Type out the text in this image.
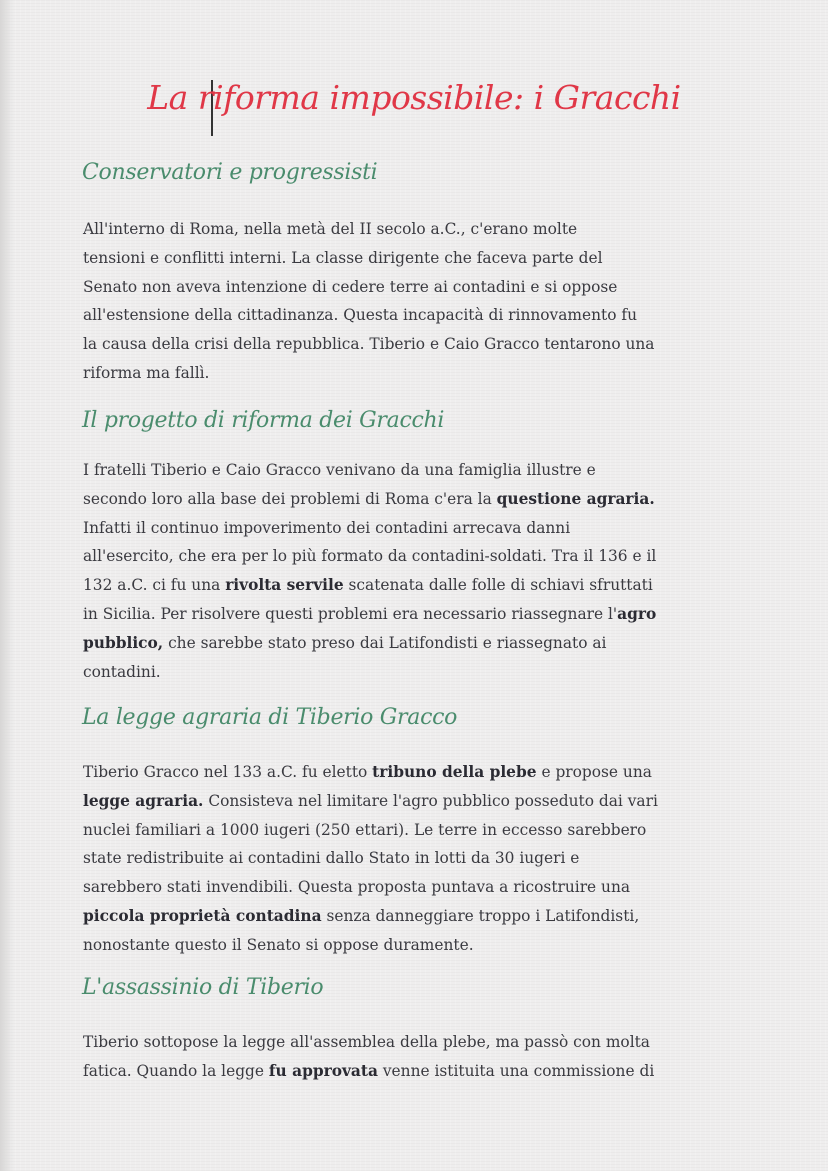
La riforma impossibile: i Gracchi
Conservatori e progressisti

All'interno di Roma, nella metà del II secolo a.C., c'erano molte
tensioni e conflitti interni. La classe dirigente che faceva parte del
Senato non aveva intenzione di cedere terre ai contadini e si oppose
all'estensione della cittadinanza. Questa incapacità di rinnovamento fu
la causa della crisi della repubblica. Tiberio e Caio Gracco tentarono una
riforma ma fallì.

Il progetto di riforma dei Gracchi

I fratelli Tiberio e Caio Gracco venivano da una famiglia illustre e
secondo loro alla base dei problemi di Roma c'era la questione agraria.
Infatti il continuo impoverimento dei contadini arrecava danni
all'esercito, che era per lo più formato da contadini-soldati. Tra il 136 e il
132 a.C. ci fu una rivolta servile scatenata dalle folle di schiavi sfruttati
in Sicilia. Per risolvere questi problemi era necessario riassegnare l'agro
pubblico, che sarebbe stato preso dai Latifondisti e riassegnato ai
contadini.

La legge agraria di Tiberio Gracco

Tiberio Gracco nel 133 a.C. fu eletto tribuno della plebe e propose una
legge agraria. Consisteva nel limitare l'agro pubblico posseduto dai vari
nuclei familiari a 1000 iugeri (250 ettari). Le terre in eccesso sarebbero
state redistribuite ai contadini dallo Stato in lotti da 30 iugeri e
sarebbero stati invendibili. Questa proposta puntava a ricostruire una
piccola proprietà contadina senza danneggiare troppo i Latifondisti,
nonostante questo il Senato si oppose duramente.

L'assassinio di Tiberio

Tiberio sottopose la legge all'assemblea della plebe, ma passò con molta
fatica. Quando la legge fu approvata venne istituita una commissione di
